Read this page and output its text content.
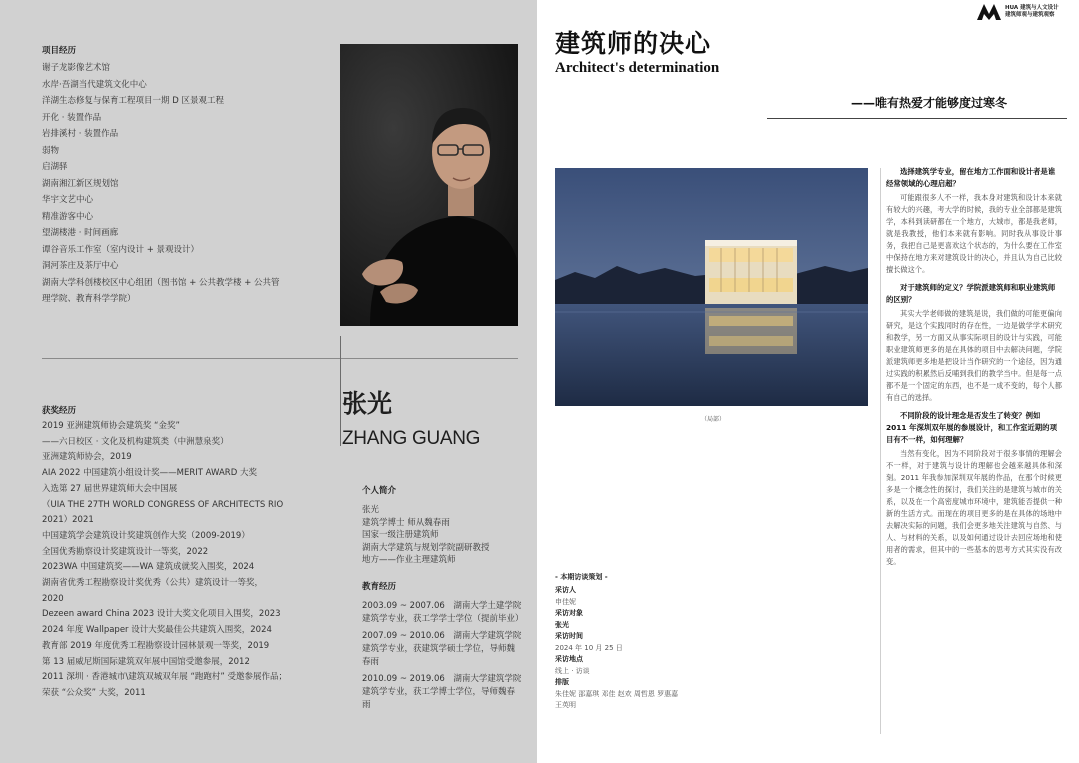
项目经历
谢子龙影像艺术馆
水岸·吾湖当代建筑文化中心
洋湖生态修复与保育工程项目一期 D 区景观工程
开化 · 装置作品
岩排溪村 · 装置作品
弱物
启湖驿
湖南湘江新区规划馆
华宇文艺中心
精准游客中心
望湖楼港 · 时间画廊
谭谷音乐工作室（室内设计 + 景观设计）
洞河茶庄及茶厅中心
湖南大学科创楼校区中心组团（图书馆 + 公共教学楼 + 公共管
理学院、教育科学学院）
张光
ZHANG GUANG
获奖经历
2019 亚洲建筑师协会建筑奖 “金奖”
——六日校区 · 文化及机构建筑类（中洲慧泉奖）
亚洲建筑师协会，2019
AIA 2022 中国建筑小组设计奖——MERIT AWARD 大奖
入选第 27 届世界建筑师大会中国展
（UIA THE 27TH WORLD CONGRESS OF ARCHITECTS RIO
2021）2021
中国建筑学会建筑设计奖建筑创作大奖（2009-2019）
全国优秀勘察设计奖建筑设计一等奖，2022
2023WA 中国建筑奖——WA 建筑成就奖入围奖，2024
湖南省优秀工程勘察设计奖优秀（公共）建筑设计一等奖，
2020
Dezeen award China 2023 设计大奖文化项目入围奖，2023
2024 年度 Wallpaper 设计大奖最佳公共建筑入围奖，2024
教育部 2019 年度优秀工程勘察设计园林景观一等奖，2019
第 13 届威尼斯国际建筑双年展中国馆受邀参展，2012
2011 深圳 · 香港城市\建筑双城双年展 “跑跑村” 受邀参展作品；
荣获 “公众奖” 大奖，2011
个人简介
张光
建筑学博士 师从魏春雨
国家一级注册建筑师
湖南大学建筑与规划学院副研教授
地方——作业主理建筑师
教育经历
2003.09 ~ 2007.06　湖南大学土建学院建筑学专业，获工学学士学位（提前毕业）
2007.09 ~ 2010.06　湖南大学建筑学院建筑学专业，获建筑学硕士学位，导师魏春雨
2010.09 ~ 2019.06　湖南大学建筑学院建筑学专业，获工学博士学位，导师魏春雨
HUA 建筑与人文设计
建筑师观与建筑观察
建筑师的决心
Architect's determination
——唯有热爱才能够度过寒冬
（局部）
- 本期访谈策划 -
采访人
申佳妮
采访对象
张光
采访时间
2024 年 10 月 25 日
采访地点
线上 · 访谈
排版
朱佳妮 邵嘉琪 邓佳 赵欢 周哲恩 罗惠嘉
王英明
选择建筑学专业，留在地方工作面和设计者是谁经常领域的心理启超？
可能跟很多人不一样，我本身对建筑和设计本来就有较大的兴趣，考大学的时候，我的专业全部都是建筑学，本科到读研都在一个地方，大城市，都是我老师，就是我教授，他们本来就有影响。同时我从事设计事务，我把自己是更喜欢这个状态的，为什么要在工作室中保持在地方来对建筑设计的决心，并且认为自己比较擅长做这个。
对于建筑师的定义？学院派建筑师和职业建筑师的区别？
其实大学老师做的建筑是说，我们做的可能更偏向研究，是这个实践同时的存在性，一边是做学学术研究和教学，另一方面又从事实际项目的设计与实践，可能职业建筑师更多的是在具体的项目中去解决问题，学院派建筑师更多地是把设计当作研究的一个途径，因为通过实践的积累然后反哺到我们的教学当中。但是每一点都不是一个固定的东西，也不是一成不变的，每个人都有自己的选择。
不同阶段的设计理念是否发生了转变？例如 2011 年深圳双年展的参展设计，和工作室近期的项目有不一样，如何理解？
当然有变化，因为不同阶段对于很多事情的理解会不一样，对于建筑与设计的理解也会越来越具体和深刻。2011 年我参加深圳双年展的作品，在那个时候更多是一个概念性的探讨，我们关注的是建筑与城市的关系，以及在一个高密度城市环境中，建筑能否提供一种新的生活方式。而现在的项目更多的是在具体的场地中去解决实际的问题，我们会更多地关注建筑与自然、与人、与材料的关系，以及如何通过设计去回应场地和使用者的需求，但其中的一些基本的思考方式其实没有改变。
